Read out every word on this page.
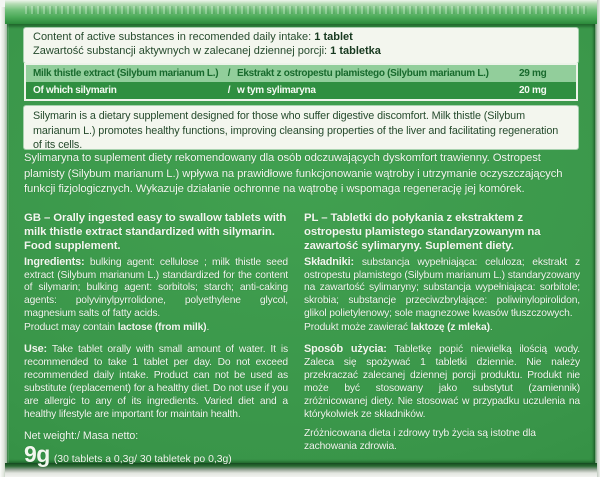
Content of active substances in recomended daily intake: 1 tablet
Zawartość substancji aktywnych w zalecanej dziennej porcji: 1 tabletka
Milk thistle extract (Silybum marianum L.) / Ekstrakt z ostropestu plamistego (Silybum marianum L.)	29 mg
Of which silymarin	/ w tym sylimaryna	20 mg
Silymarin is a dietary supplement designed for those who suffer digestive discomfort. Milk thistle (Silybum marianum L.) promotes healthy functions, improving cleansing properties of the liver and facilitating regeneration of its cells.
Sylimaryna to suplement diety rekomendowany dla osób odczuwających dyskomfort trawienny. Ostropest plamisty (Silybum marianum L.) wpływa na prawidłowe funkcjonowanie wątroby i utrzymanie oczyszczających funkcji fizjologicznych. Wykazuje działanie ochronne na wątrobę i wspomaga regenerację jej komórek.
GB – Orally ingested easy to swallow tablets with milk thistle extract standardized with silymarin.
Food supplement.

Ingredients: bulking agent: cellulose ; milk thistle seed extract (Silybum marianum L.) standardized for the content of silymarin; bulking agent: sorbitols; starch; anti-caking agents: polyvinylpyrrolidone, polyethylene glycol, magnesium salts of fatty acids.

Product may contain lactose (from milk).

Use: Take tablet orally with small amount of water. It is recommended to take 1 tablet per day. Do not exceed recommended daily intake. Product can not be used as substitute (replacement) for a healthy diet. Do not use if you are allergic to any of its ingredients. Varied diet and a healthy lifestyle are important for maintain health.

Net weight:/ Masa netto:
9g (30 tablets a 0,3g/ 30 tabletek po 0,3g)
PL – Tabletki do połykania z ekstraktem z ostropestu plamistego standaryzowanym na zawartość sylimaryny. Suplement diety.

Składniki: substancja wypełniająca: celuloza; ekstrakt z ostropestu plamistego (Silybum marianum L.) standaryzowany na zawartość sylimaryny; substancja wypełniająca: sorbitole; skrobia; substancje przeciwzbrylające: poliwinylopirolidon, glikol polietylenowy; sole magnezowe kwasów tłuszczowych.

Produkt może zawierać laktozę (z mleka).

Sposób użycia: Tabletkę popić niewielką ilością wody. Zaleca się spożywać 1 tabletki dziennie. Nie należy przekraczać zalecanej dziennej porcji produktu. Produkt nie może być stosowany jako substytut (zamiennik) zróżnicowanej diety. Nie stosować w przypadku uczulenia na którykolwiek ze składników.

Zróżnicowana dieta i zdrowy tryb życia są istotne dla zachowania zdrowia.
